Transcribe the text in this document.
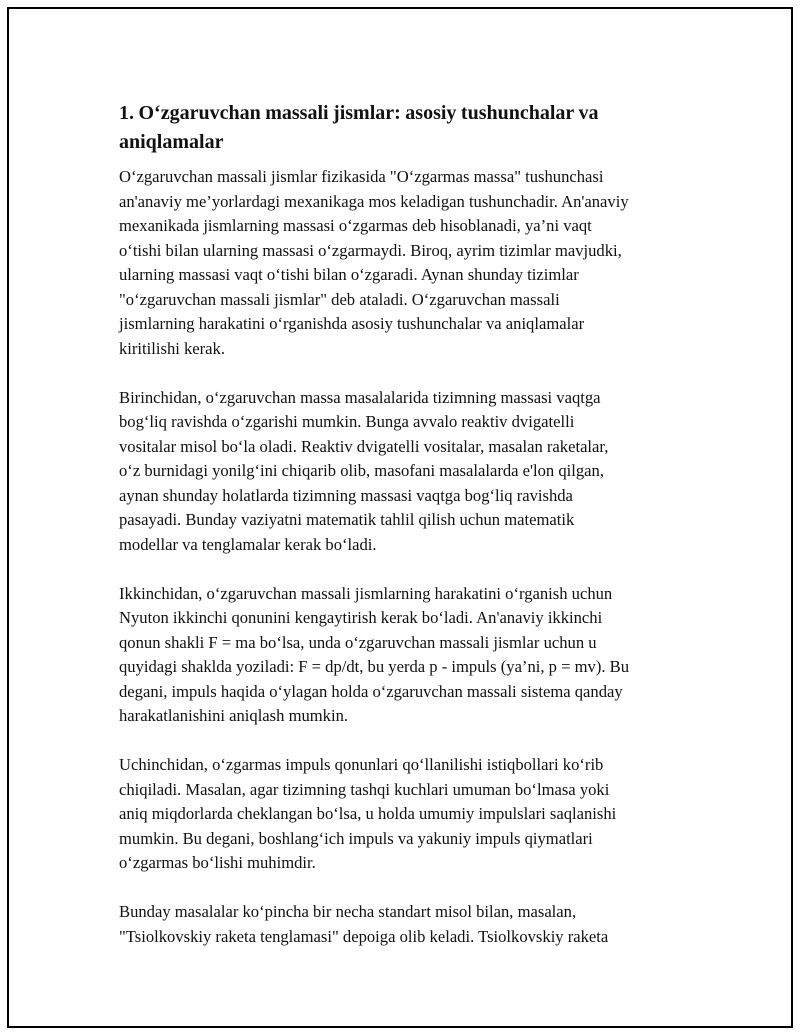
1. O‘zgaruvchan massali jismlar: asosiy tushunchalar va aniqlamalar

O‘zgaruvchan massali jismlar fizikasida "O‘zgarmas massa" tushunchasi
an'anaviy me’yorlardagi mexanikaga mos keladigan tushunchadir. An'anaviy
mexanikada jismlarning massasi o‘zgarmas deb hisoblanadi, ya’ni vaqt
o‘tishi bilan ularning massasi o‘zgarmaydi. Biroq, ayrim tizimlar mavjudki,
ularning massasi vaqt o‘tishi bilan o‘zgaradi. Aynan shunday tizimlar
"o‘zgaruvchan massali jismlar" deb ataladi. O‘zgaruvchan massali
jismlarning harakatini o‘rganishda asosiy tushunchalar va aniqlamalar
kiritilishi kerak.

Birinchidan, o‘zgaruvchan massa masalalarida tizimning massasi vaqtga
bog‘liq ravishda o‘zgarishi mumkin. Bunga avvalo reaktiv dvigatelli
vositalar misol bo‘la oladi. Reaktiv dvigatelli vositalar, masalan raketalar,
o‘z burnidagi yonilg‘ini chiqarib olib, masofani masalalarda e'lon qilgan,
aynan shunday holatlarda tizimning massasi vaqtga bog‘liq ravishda
pasayadi. Bunday vaziyatni matematik tahlil qilish uchun matematik
modellar va tenglamalar kerak bo‘ladi.

Ikkinchidan, o‘zgaruvchan massali jismlarning harakatini o‘rganish uchun
Nyuton ikkinchi qonunini kengaytirish kerak bo‘ladi. An'anaviy ikkinchi
qonun shakli F = ma bo‘lsa, unda o‘zgaruvchan massali jismlar uchun u
quyidagi shaklda yoziladi: F = dp/dt, bu yerda p - impuls (ya’ni, p = mv). Bu
degani, impuls haqida o‘ylagan holda o‘zgaruvchan massali sistema qanday
harakatlanishini aniqlash mumkin.

Uchinchidan, o‘zgarmas impuls qonunlari qo‘llanilishi istiqbollari ko‘rib
chiqiladi. Masalan, agar tizimning tashqi kuchlari umuman bo‘lmasa yoki
aniq miqdorlarda cheklangan bo‘lsa, u holda umumiy impulslari saqlanishi
mumkin. Bu degani, boshlang‘ich impuls va yakuniy impuls qiymatlari
o‘zgarmas bo‘lishi muhimdir.

Bunday masalalar ko‘pincha bir necha standart misol bilan, masalan,
"Tsiolkovskiy raketa tenglamasi" depoiga olib keladi. Tsiolkovskiy raketa
